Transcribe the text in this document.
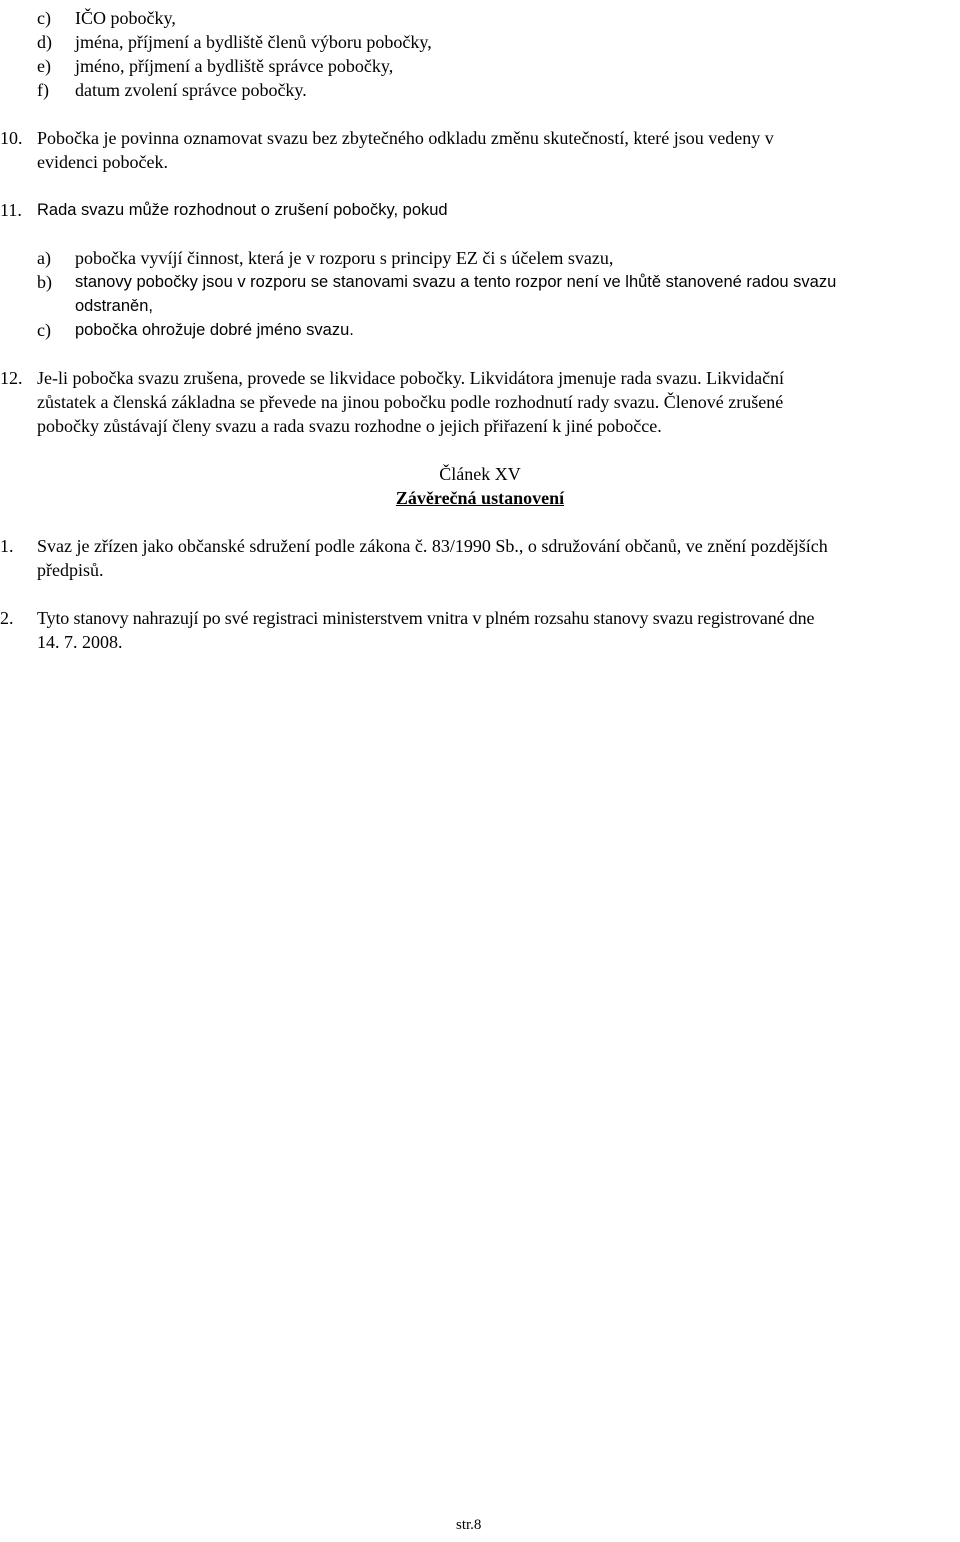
c) IČO pobočky,
d) jména, příjmení a bydliště členů výboru pobočky,
e) jméno, příjmení a bydliště správce pobočky,
f) datum zvolení správce pobočky.
10. Pobočka je povinna oznamovat svazu bez zbytečného odkladu změnu skutečností, které jsou vedeny v
evidenci poboček.
11. Rada svazu může rozhodnout o zrušení pobočky, pokud
a) pobočka vyvíjí činnost, která je v rozporu s principy EZ či s účelem svazu,
b) stanovy pobočky jsou v rozporu se stanovami svazu a tento rozpor není ve lhůtě stanovené radou svazu
odstraněn,
c) pobočka ohrožuje dobré jméno svazu.
12. Je-li pobočka svazu zrušena, provede se likvidace pobočky. Likvidátora jmenuje rada svazu. Likvidační
zůstatek a členská základna se převede na jinou pobočku podle rozhodnutí rady svazu. Členové zrušené
pobočky zůstávají členy svazu a rada svazu rozhodne o jejich přiřazení k jiné pobočce.
Článek XV
Závěrečná ustanovení
1. Svaz je zřízen jako občanské sdružení podle zákona č. 83/1990 Sb., o sdružování občanů, ve znění pozdějších
předpisů.
2. Tyto stanovy nahrazují po své registraci ministerstvem vnitra v plném rozsahu stanovy svazu registrované dne
14. 7. 2008.
str.8
